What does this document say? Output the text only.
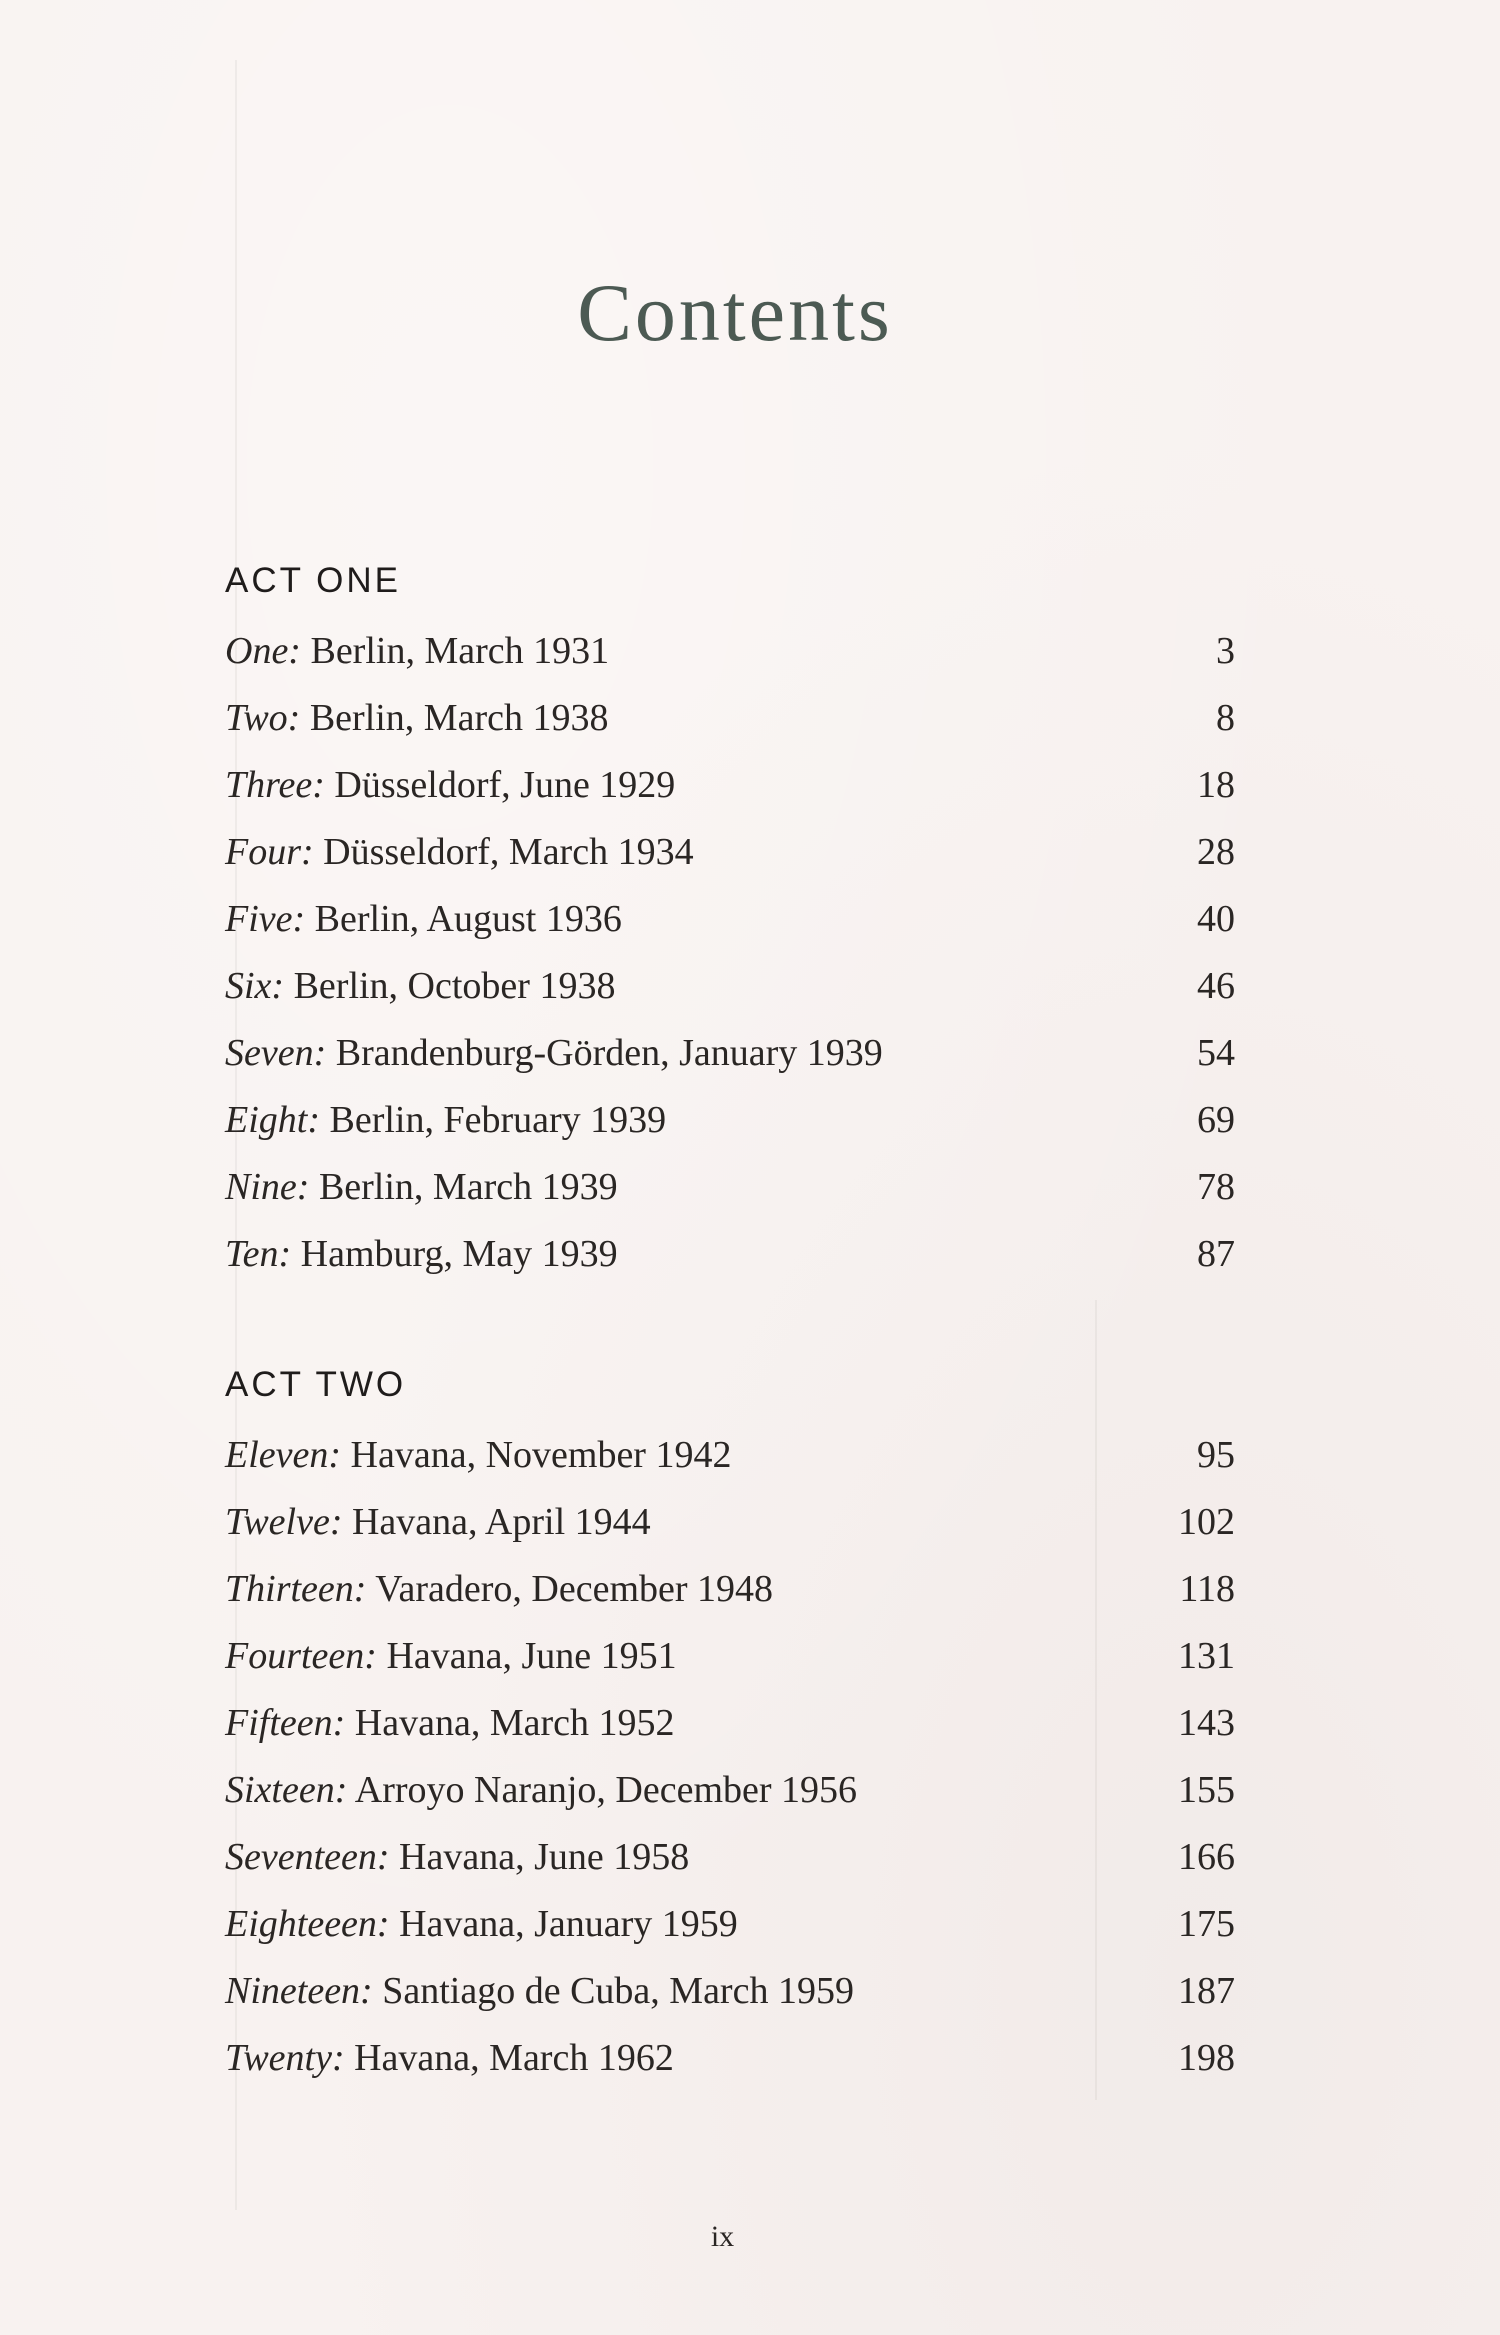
Contents
ACT ONE
One: Berlin, March 1931	3
Two: Berlin, March 1938	8
Three: Düsseldorf, June 1929	18
Four: Düsseldorf, March 1934	28
Five: Berlin, August 1936	40
Six: Berlin, October 1938	46
Seven: Brandenburg-Görden, January 1939	54
Eight: Berlin, February 1939	69
Nine: Berlin, March 1939	78
Ten: Hamburg, May 1939	87
ACT TWO
Eleven: Havana, November 1942	95
Twelve: Havana, April 1944	102
Thirteen: Varadero, December 1948	118
Fourteen: Havana, June 1951	131
Fifteen: Havana, March 1952	143
Sixteen: Arroyo Naranjo, December 1956	155
Seventeen: Havana, June 1958	166
Eighteeen: Havana, January 1959	175
Nineteen: Santiago de Cuba, March 1959	187
Twenty: Havana, March 1962	198
ix
